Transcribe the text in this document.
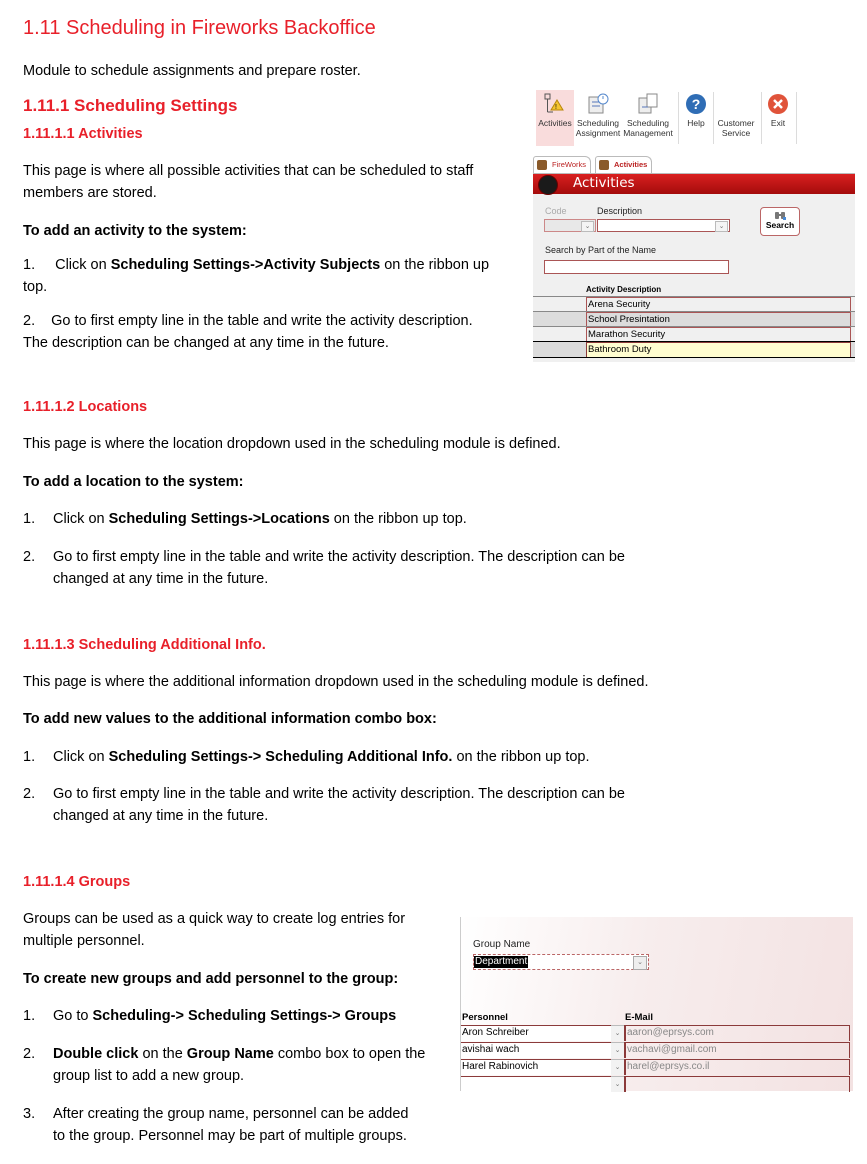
1.11 Scheduling in Fireworks Backoffice
Module to schedule assignments and prepare roster.
1.11.1 Scheduling Settings
1.11.1.1 Activities
This page is where all possible activities that can be scheduled to staff
members are stored.
To add an activity to the system:
1. Click on Scheduling Settings->Activity Subjects on the ribbon up
top.
2. Go to first empty line in the table and write the activity description.
The description can be changed at any time in the future.
1.11.1.2 Locations
This page is where the location dropdown used in the scheduling module is defined.
To add a location to the system:
1.	Click on Scheduling Settings->Locations on the ribbon up top.
2. Go to first empty line in the table and write the activity description. The description can be
changed at any time in the future.
1.11.1.3 Scheduling Additional Info.
This page is where the additional information dropdown used in the scheduling module is defined.
To add new values to the additional information combo box:
1.	Click on Scheduling Settings-> Scheduling Additional Info. on the ribbon up top.
2. Go to first empty line in the table and write the activity description. The description can be
changed at any time in the future.
1.11.1.4 Groups
Groups can be used as a quick way to create log entries for
multiple personnel.
To create new groups and add personnel to the group:
1.	Go to Scheduling-> Scheduling Settings-> Groups
2. Double click on the Group Name combo box to open the
group list to add a new group.
3. After creating the group name, personnel can be added
to the group. Personnel may be part of multiple groups.
!
Activities Scheduling
Assignment
Scheduling
Management
?
Help	Customer
Service
Exit
FireWorks	Activities
Activities
Code	Description
⌄	⌄	Search
Search by Part of the Name
Activity Description
Arena Security
School Presintation
Marathon Security
Bathroom Duty
Group Name
Department	⌄
Personnel	E-Mail
Aron Schreiber	⌄ aaron@eprsys.com
avishai wach	⌄ vachavi@gmail.com
Harel Rabinovich	⌄ harel@eprsys.co.il
⌄
